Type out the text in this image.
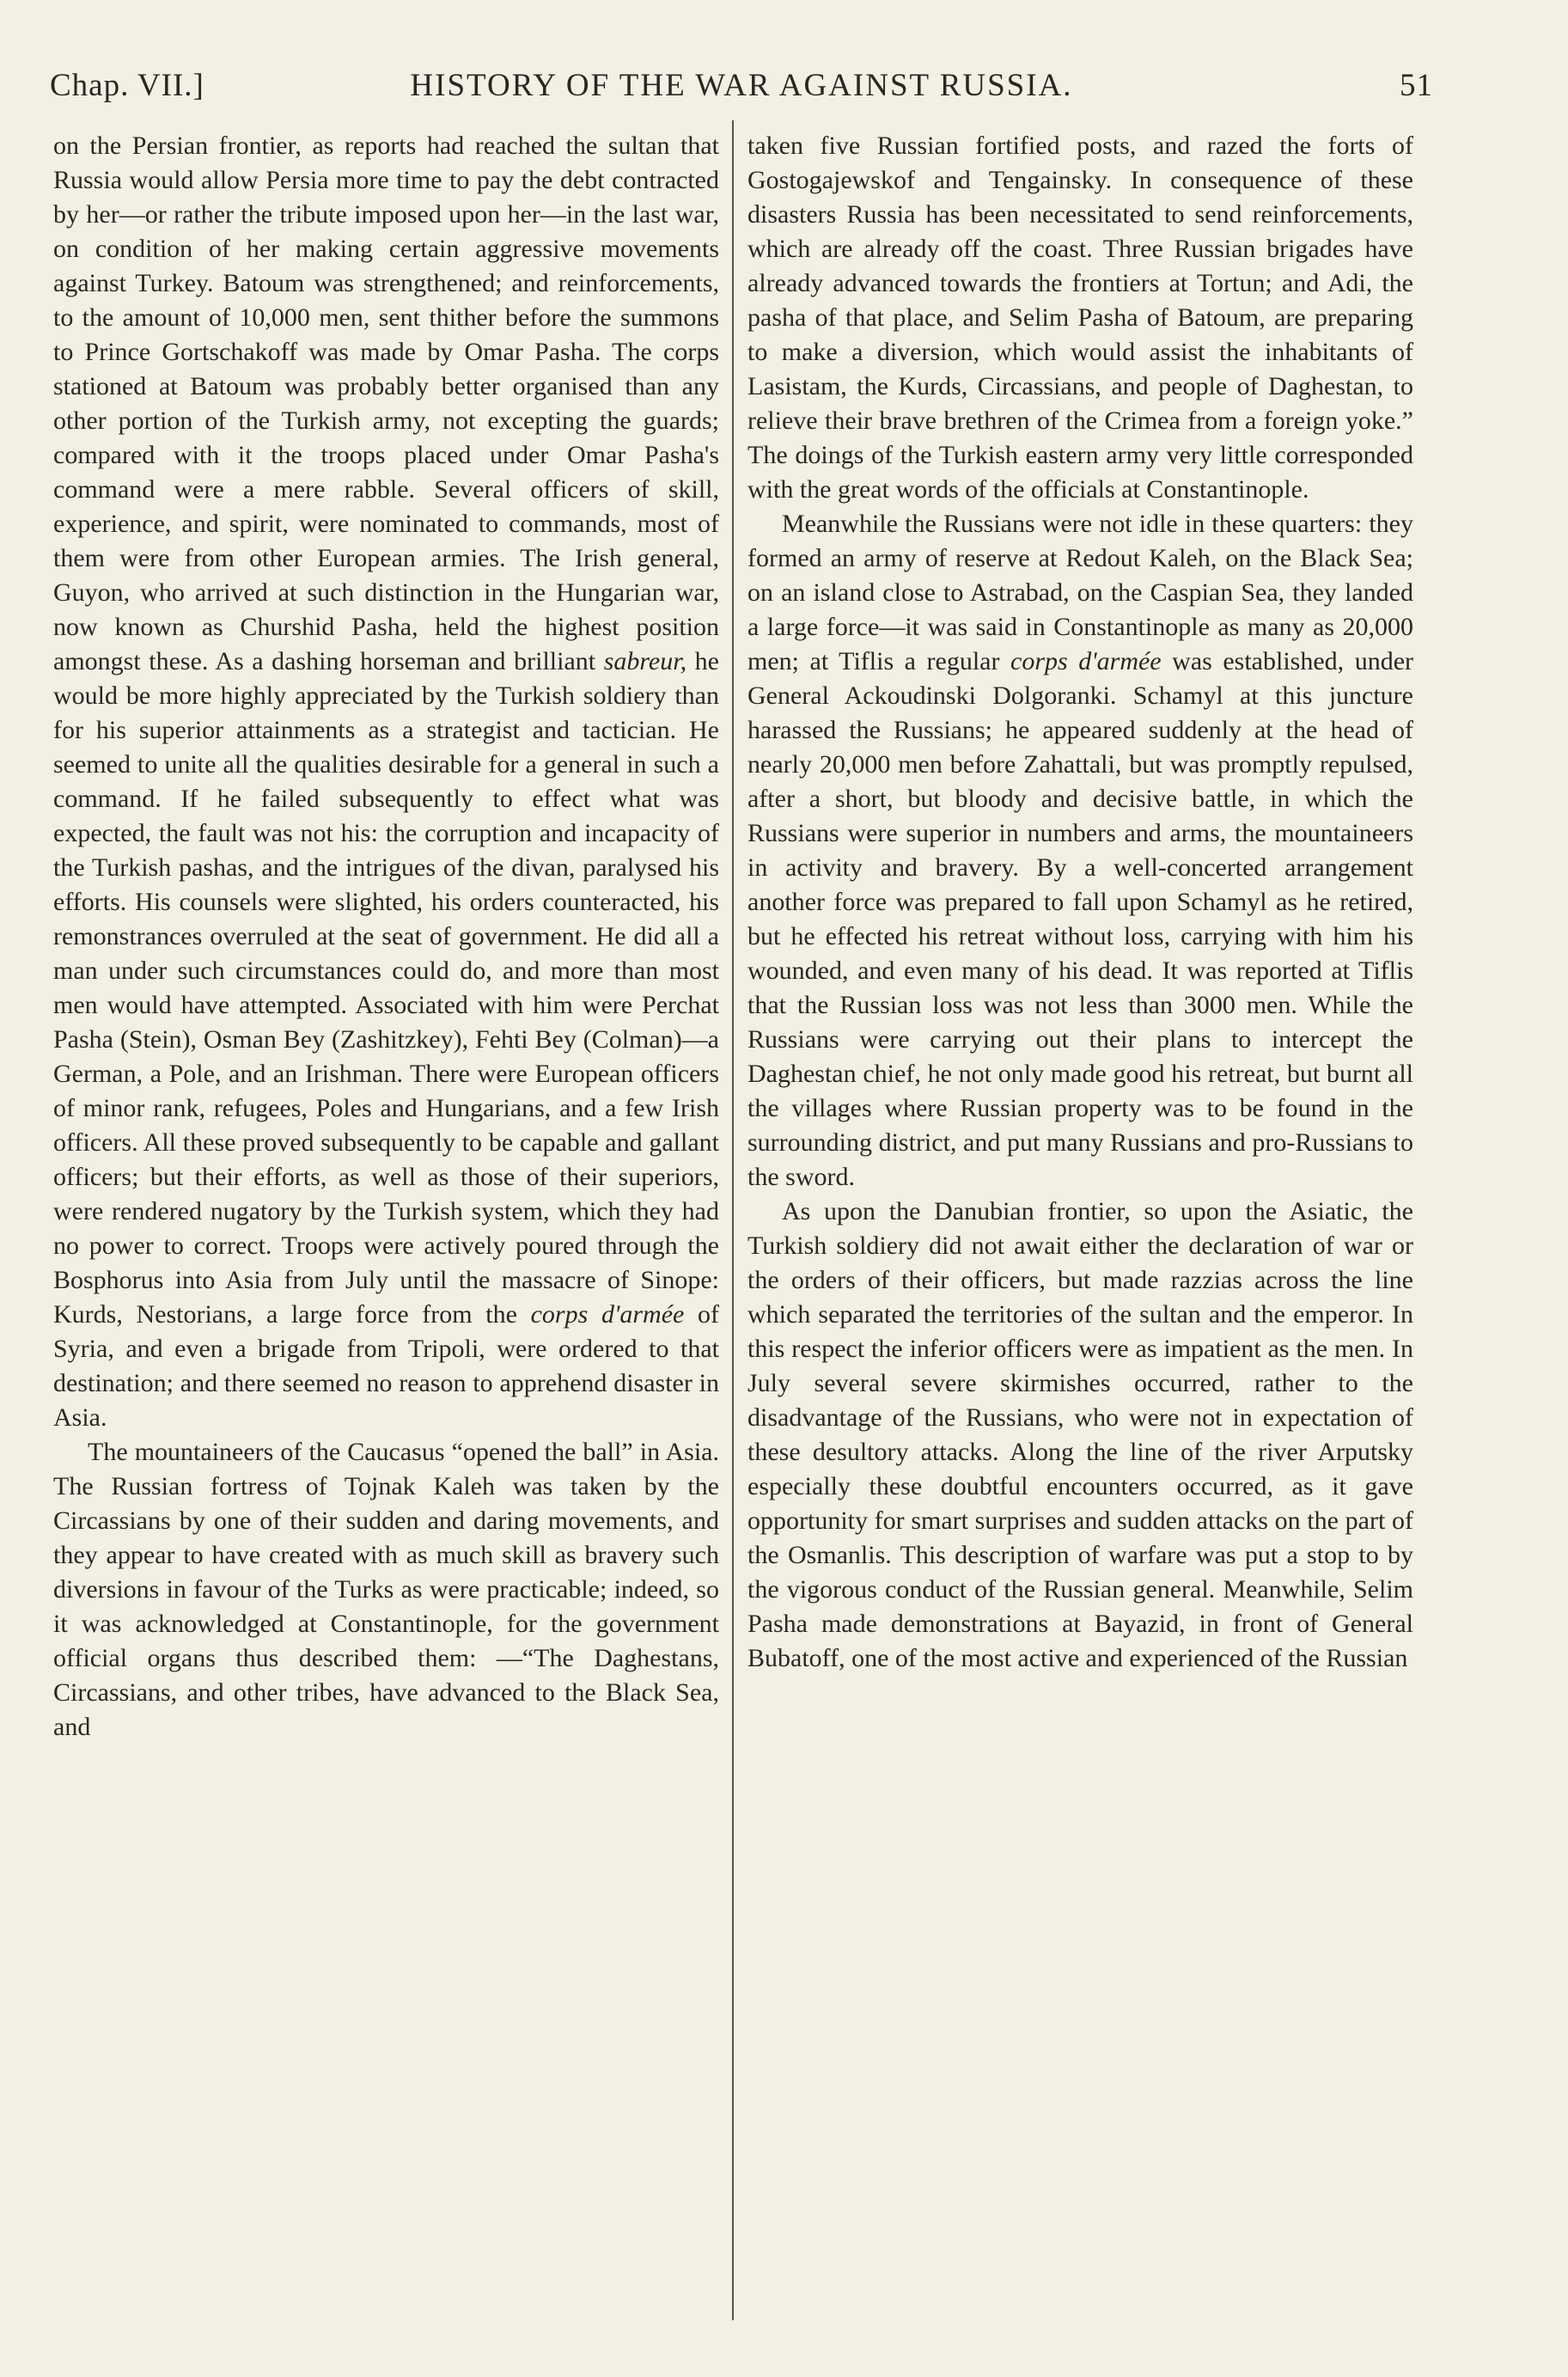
Chap. VII.]	HISTORY OF THE WAR AGAINST RUSSIA.	51

on the Persian frontier, as reports had reached the sultan that Russia would allow Persia more time to pay the debt contracted by her—or rather the tribute imposed upon her—in the last war, on condition of her making certain aggressive movements against Turkey. Batoum was strengthened; and reinforcements, to the amount of 10,000 men, sent thither before the summons to Prince Gortschakoff was made by Omar Pasha. The corps stationed at Batoum was probably better organised than any other portion of the Turkish army, not excepting the guards; compared with it the troops placed under Omar Pasha's command were a mere rabble. Several officers of skill, experience, and spirit, were nominated to commands, most of them were from other European armies. The Irish general, Guyon, who arrived at such distinction in the Hungarian war, now known as Churshid Pasha, held the highest position amongst these. As a dashing horseman and brilliant sabreur, he would be more highly appreciated by the Turkish soldiery than for his superior attainments as a strategist and tactician. He seemed to unite all the qualities desirable for a general in such a command. If he failed subsequently to effect what was expected, the fault was not his: the corruption and incapacity of the Turkish pashas, and the intrigues of the divan, paralysed his efforts. His counsels were slighted, his orders counteracted, his remonstrances overruled at the seat of government. He did all a man under such circumstances could do, and more than most men would have attempted. Associated with him were Perchat Pasha (Stein), Osman Bey (Zashitzkey), Fehti Bey (Colman)—a German, a Pole, and an Irishman. There were European officers of minor rank, refugees, Poles and Hungarians, and a few Irish officers. All these proved subsequently to be capable and gallant officers; but their efforts, as well as those of their superiors, were rendered nugatory by the Turkish system, which they had no power to correct. Troops were actively poured through the Bosphorus into Asia from July until the massacre of Sinope: Kurds, Nestorians, a large force from the corps d'armée of Syria, and even a brigade from Tripoli, were ordered to that destination; and there seemed no reason to apprehend disaster in Asia.

The mountaineers of the Caucasus “opened the ball” in Asia. The Russian fortress of Tojnak Kaleh was taken by the Circassians by one of their sudden and daring movements, and they appear to have created with as much skill as bravery such diversions in favour of the Turks as were practicable; indeed, so it was acknowledged at Constantinople, for the government official organs thus described them: —“The Daghestans, Circassians, and other tribes, have advanced to the Black Sea, and

taken five Russian fortified posts, and razed the forts of Gostogajewskof and Tengainsky. In consequence of these disasters Russia has been necessitated to send reinforcements, which are already off the coast. Three Russian brigades have already advanced towards the frontiers at Tortun; and Adi, the pasha of that place, and Selim Pasha of Batoum, are preparing to make a diversion, which would assist the inhabitants of Lasistam, the Kurds, Circassians, and people of Daghestan, to relieve their brave brethren of the Crimea from a foreign yoke.” The doings of the Turkish eastern army very little corresponded with the great words of the officials at Constantinople.

Meanwhile the Russians were not idle in these quarters: they formed an army of reserve at Redout Kaleh, on the Black Sea; on an island close to Astrabad, on the Caspian Sea, they landed a large force—it was said in Constantinople as many as 20,000 men; at Tiflis a regular corps d'armée was established, under General Ackoudinski Dolgoranki. Schamyl at this juncture harassed the Russians; he appeared suddenly at the head of nearly 20,000 men before Zahattali, but was promptly repulsed, after a short, but bloody and decisive battle, in which the Russians were superior in numbers and arms, the mountaineers in activity and bravery. By a well-concerted arrangement another force was prepared to fall upon Schamyl as he retired, but he effected his retreat without loss, carrying with him his wounded, and even many of his dead. It was reported at Tiflis that the Russian loss was not less than 3000 men. While the Russians were carrying out their plans to intercept the Daghestan chief, he not only made good his retreat, but burnt all the villages where Russian property was to be found in the surrounding district, and put many Russians and pro-Russians to the sword.

As upon the Danubian frontier, so upon the Asiatic, the Turkish soldiery did not await either the declaration of war or the orders of their officers, but made razzias across the line which separated the territories of the sultan and the emperor. In this respect the inferior officers were as impatient as the men. In July several severe skirmishes occurred, rather to the disadvantage of the Russians, who were not in expectation of these desultory attacks. Along the line of the river Arputsky especially these doubtful encounters occurred, as it gave opportunity for smart surprises and sudden attacks on the part of the Osmanlis. This description of warfare was put a stop to by the vigorous conduct of the Russian general. Meanwhile, Selim Pasha made demonstrations at Bayazid, in front of General Bubatoff, one of the most active and experienced of the Russian
